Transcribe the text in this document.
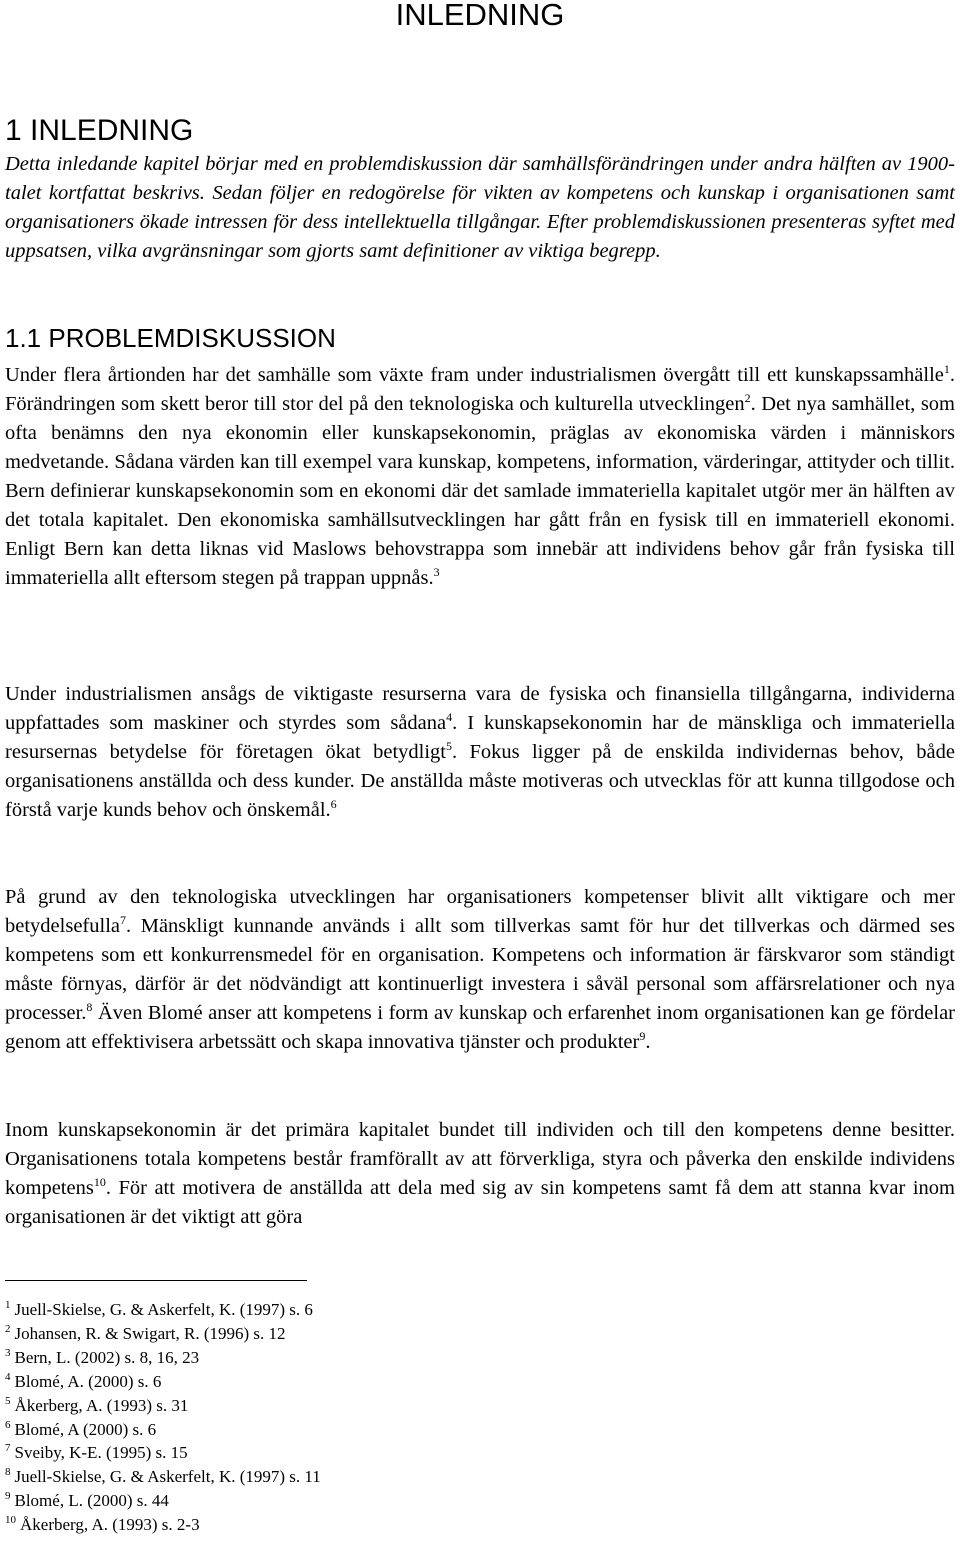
INLEDNING
1 INLEDNING

Detta inledande kapitel börjar med en problemdiskussion där samhällsförändringen under andra hälften av 1900-talet kortfattat beskrivs. Sedan följer en redogörelse för vikten av kompetens och kunskap i organisationen samt organisationers ökade intressen för dess intellektuella tillgångar. Efter problemdiskussionen presenteras syftet med uppsatsen, vilka avgränsningar som gjorts samt definitioner av viktiga begrepp.

1.1 PROBLEMDISKUSSION

Under flera årtionden har det samhälle som växte fram under industrialismen övergått till ett kunskapssamhälle$^1$. Förändringen som skett beror till stor del på den teknologiska och kulturella utvecklingen$^2$. Det nya samhället, som ofta benämns den nya ekonomin eller kunskapsekonomin, präglas av ekonomiska värden i människors medvetande. Sådana värden kan till exempel vara kunskap, kompetens, information, värderingar, attityder och tillit. Bern definierar kunskapsekonomin som en ekonomi där det samlade immateriella kapitalet utgör mer än hälften av det totala kapitalet. Den ekonomiska samhällsutvecklingen har gått från en fysisk till en immateriell ekonomi. Enligt Bern kan detta liknas vid Maslows behovstrappa som innebär att individens behov går från fysiska till immateriella allt eftersom stegen på trappan uppnås.$^3$

Under industrialismen ansågs de viktigaste resurserna vara de fysiska och finansiella tillgångarna, individerna uppfattades som maskiner och styrdes som sådana$^4$. I kunskapsekonomin har de mänskliga och immateriella resursernas betydelse för företagen ökat betydligt$^5$. Fokus ligger på de enskilda individernas behov, både organisationens anställda och dess kunder. De anställda måste motiveras och utvecklas för att kunna tillgodose och förstå varje kunds behov och önskemål.$^6$

På grund av den teknologiska utvecklingen har organisationers kompetenser blivit allt viktigare och mer betydelsefulla$^7$. Mänskligt kunnande används i allt som tillverkas samt för hur det tillverkas och därmed ses kompetens som ett konkurrensmedel för en organisation. Kompetens och information är färskvaror som ständigt måste förnyas, därför är det nödvändigt att kontinuerligt investera i såväl personal som affärsrelationer och nya processer.$^8$ Även Blomé anser att kompetens i form av kunskap och erfarenhet inom organisationen kan ge fördelar genom att effektivisera arbetssätt och skapa innovativa tjänster och produkter$^9$.

Inom kunskapsekonomin är det primära kapitalet bundet till individen och till den kompetens denne besitter. Organisationens totala kompetens består framförallt av att förverkliga, styra och påverka den enskilde individens kompetens$^{10}$. För att motivera de anställda att dela med sig av sin kompetens samt få dem att stanna kvar inom organisationen är det viktigt att göra

$^1$ Juell-Skielse, G. & Askerfelt, K. (1997) s. 6
$^2$ Johansen, R. & Swigart, R. (1996) s. 12
$^3$ Bern, L. (2002) s. 8, 16, 23
$^4$ Blomé, A. (2000) s. 6
$^5$ Åkerberg, A. (1993) s. 31
$^6$ Blomé, A (2000) s. 6
$^7$ Sveiby, K-E. (1995) s. 15
$^8$ Juell-Skielse, G. & Askerfelt, K. (1997) s. 11
$^9$ Blomé, L. (2000) s. 44
$^{10}$ Åkerberg, A. (1993) s. 2-3
